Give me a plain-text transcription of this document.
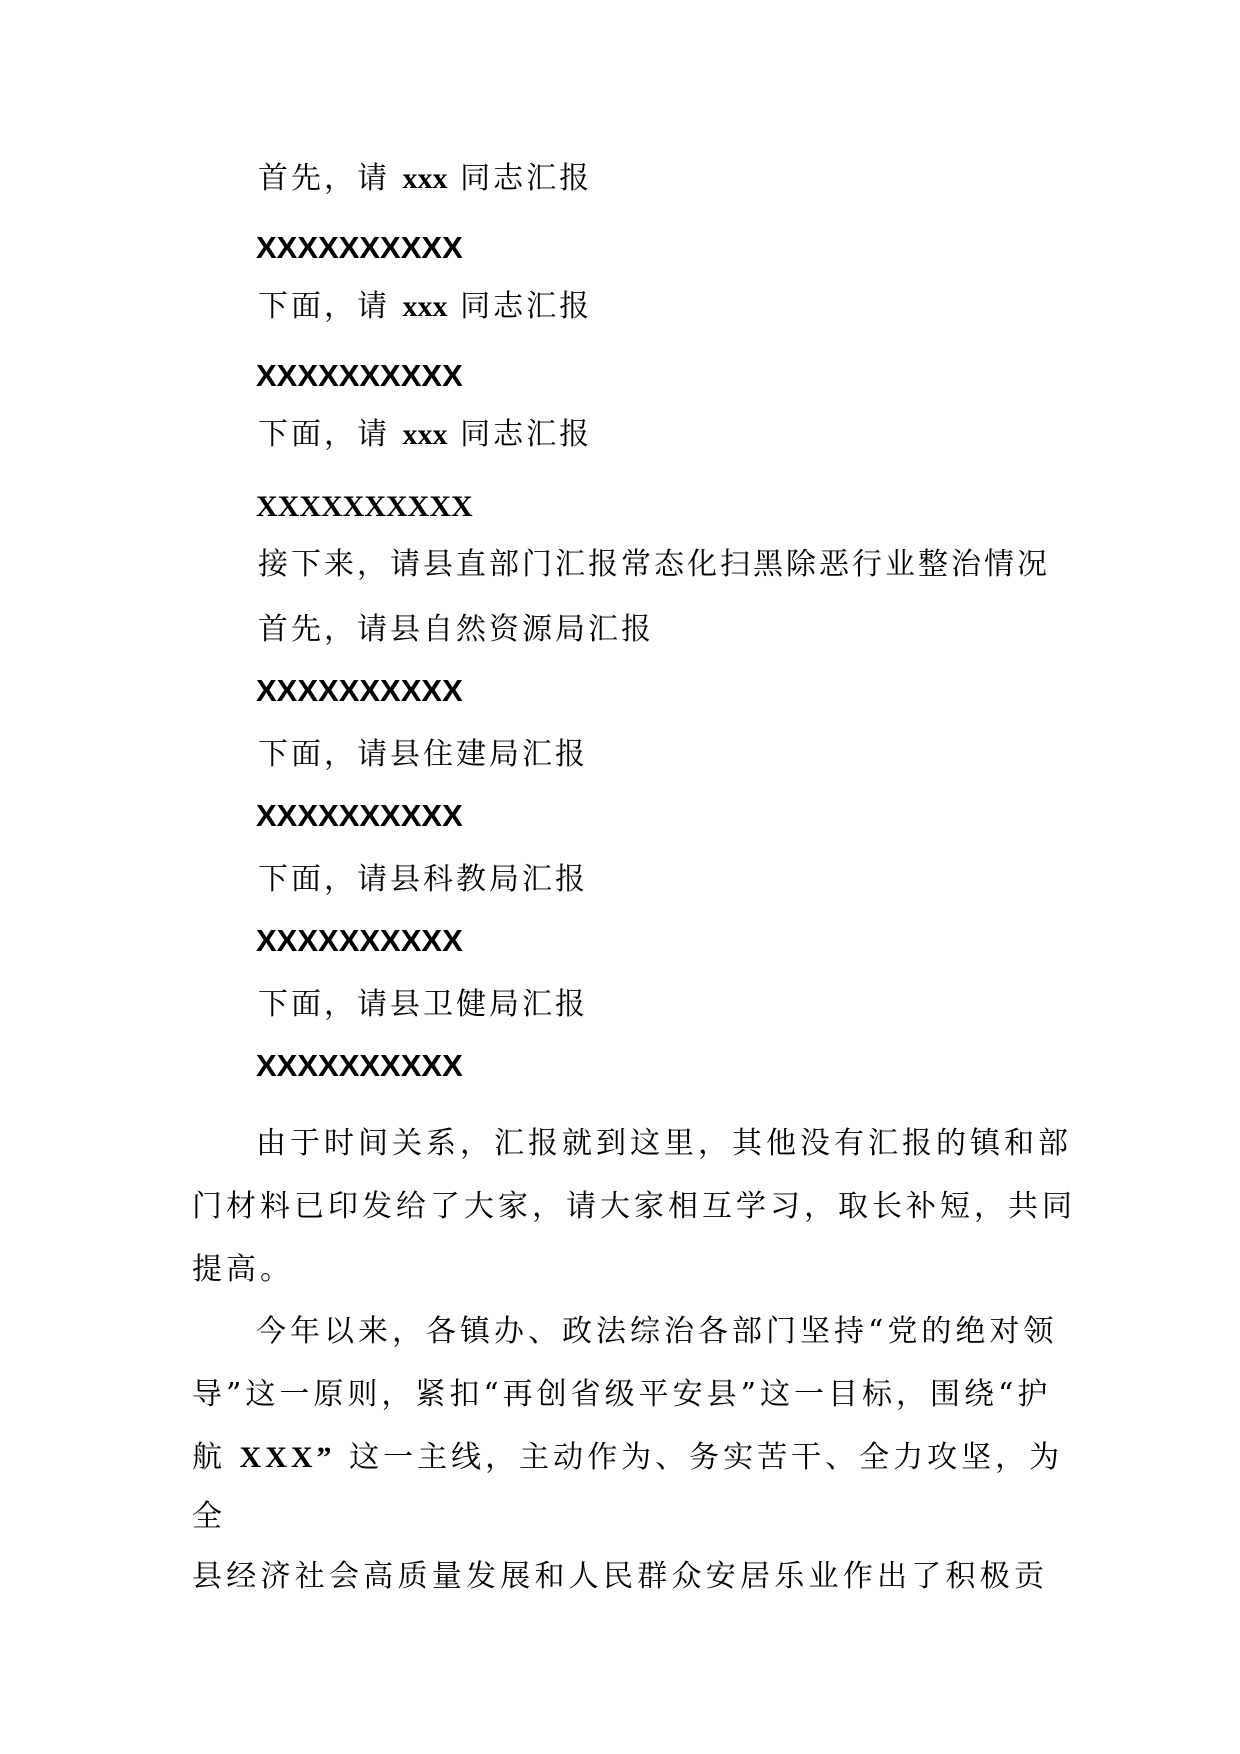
首先，请 xxx 同志汇报
XXXXXXXXXX
下面，请 xxx 同志汇报
XXXXXXXXXX
下面，请 xxx 同志汇报
XXXXXXXXXX
接下来，请县直部门汇报常态化扫黑除恶行业整治情况
首先，请县自然资源局汇报
XXXXXXXXXX
下面，请县住建局汇报
XXXXXXXXXX
下面，请县科教局汇报
XXXXXXXXXX
下面，请县卫健局汇报
XXXXXXXXXX
由于时间关系，汇报就到这里，其他没有汇报的镇和部
门材料已印发给了大家，请大家相互学习，取长补短，共同
提高。
今年以来，各镇办、政法综治各部门坚持“党的绝对领
导”这一原则，紧扣“再创省级平安县”这一目标，围绕“护
航 XXX” 这一主线，主动作为、务实苦干、全力攻坚，为
全
县经济社会高质量发展和人民群众安居乐业作出了积极贡
